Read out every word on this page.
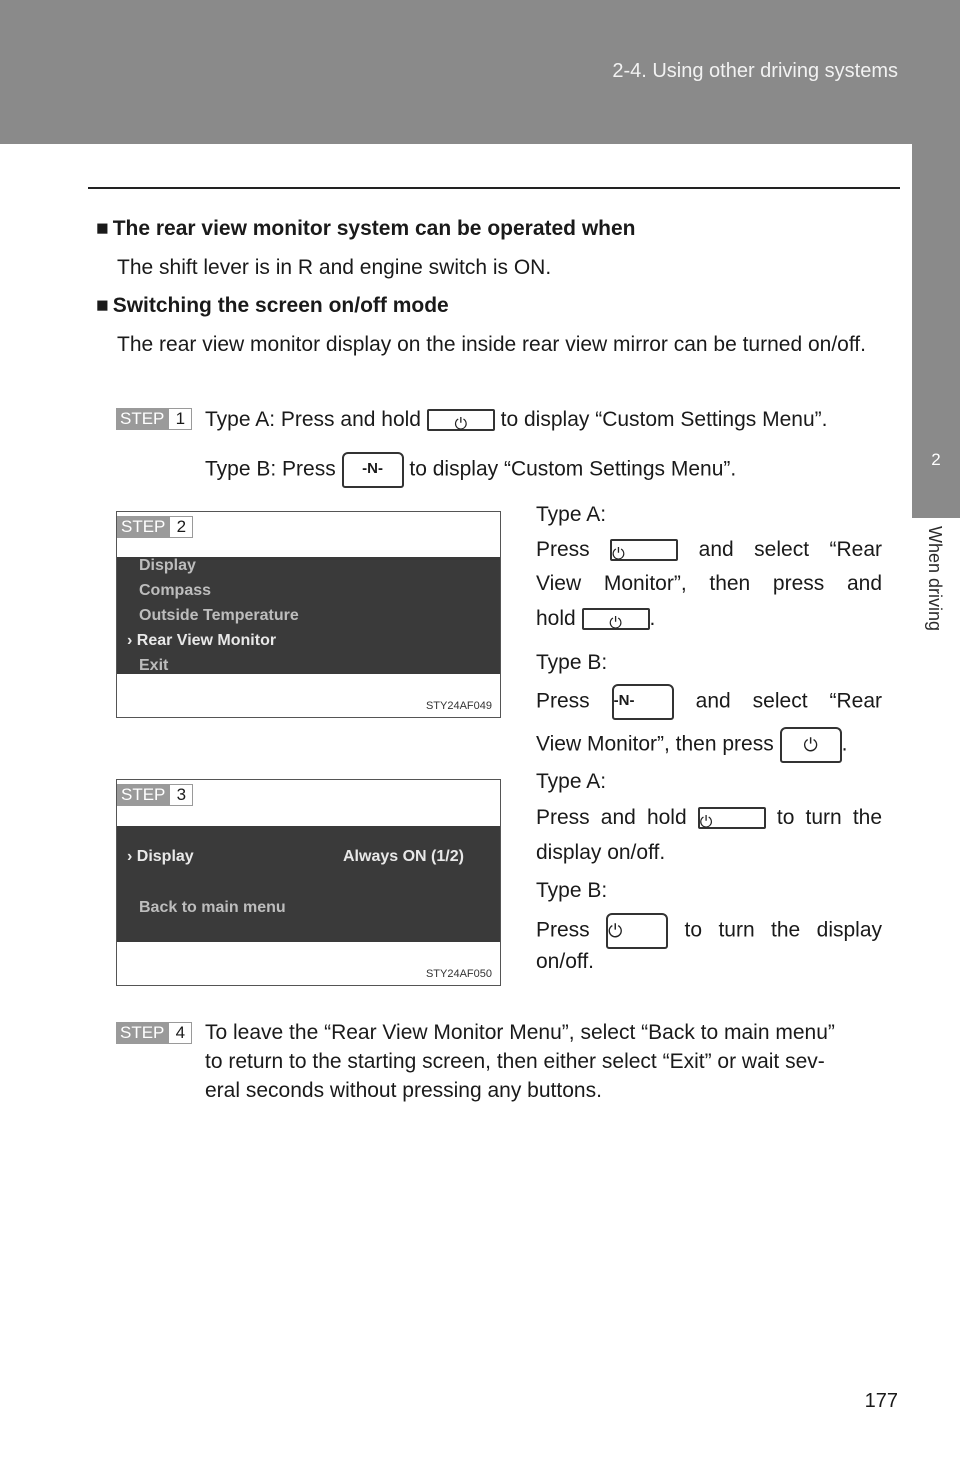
2-4. Using other driving systems
2
When driving
■ The rear view monitor system can be operated when
The shift lever is in R and engine switch is ON.
■ Switching the screen on/off mode
The rear view monitor display on the inside rear view mirror can be turned on/off.
STEP 1 Type A: Press and hold ⏻ to display “Custom Settings Menu”.
Type B: Press -N- to display “Custom Settings Menu”.
STEP 2
Display
Compass
Outside Temperature
› Rear View Monitor
Exit
STY24AF049
Type A:
Press ⏻	and select “Rear
View Monitor”, then press and
hold ⏻ .
Type B:
Press -N-	and select “Rear
View Monitor”, then press ⏻ .
STEP 3
› Display	Always ON (1/2)
Back to main menu
STY24AF050
Type A:
Press and hold ⏻	to turn the
display on/off.
Type B:
Press ⏻	to turn the display
on/off.
STEP 4 To leave the “Rear View Monitor Menu”, select “Back to main menu”
to return to the starting screen, then either select “Exit” or wait sev-
eral seconds without pressing any buttons.
177
